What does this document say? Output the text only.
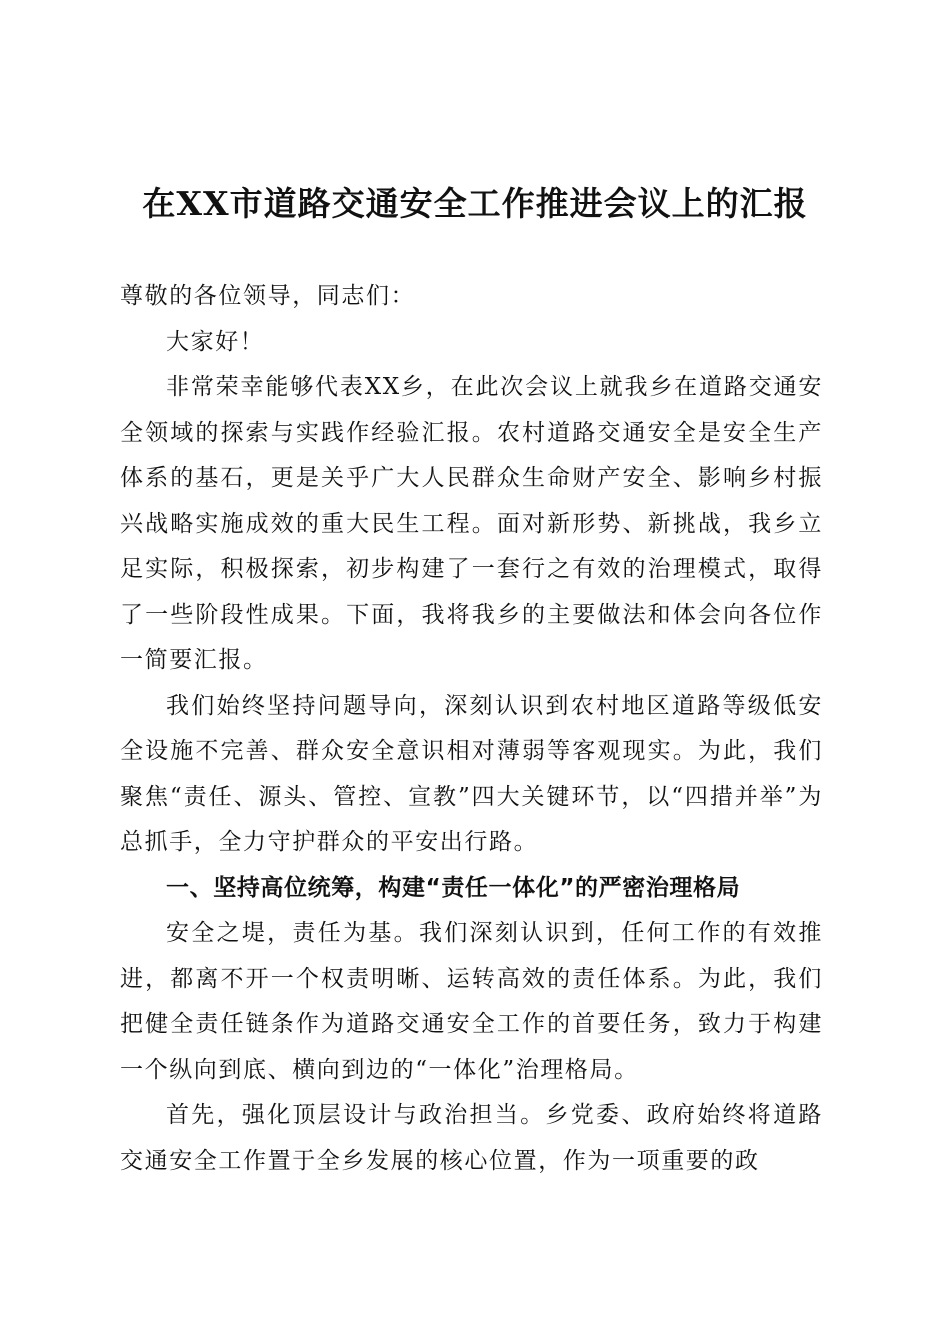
在XX市道路交通安全工作推进会议上的汇报

尊敬的各位领导，同志们：

大家好！

非常荣幸能够代表XX乡，在此次会议上就我乡在道路交通安全领域的探索与实践作经验汇报。农村道路交通安全是安全生产体系的基石，更是关乎广大人民群众生命财产安全、影响乡村振兴战略实施成效的重大民生工程。面对新形势、新挑战，我乡立足实际，积极探索，初步构建了一套行之有效的治理模式，取得了一些阶段性成果。下面，我将我乡的主要做法和体会向各位作一简要汇报。

我们始终坚持问题导向，深刻认识到农村地区道路等级低安全设施不完善、群众安全意识相对薄弱等客观现实。为此，我们聚焦“责任、源头、管控、宣教”四大关键环节，以“四措并举”为总抓手，全力守护群众的平安出行路。

一、坚持高位统筹，构建“责任一体化”的严密治理格局

安全之堤，责任为基。我们深刻认识到，任何工作的有效推进，都离不开一个权责明晰、运转高效的责任体系。为此，我们把健全责任链条作为道路交通安全工作的首要任务，致力于构建一个纵向到底、横向到边的“一体化”治理格局。

首先，强化顶层设计与政治担当。乡党委、政府始终将道路交通安全工作置于全乡发展的核心位置，作为一项重要的政
